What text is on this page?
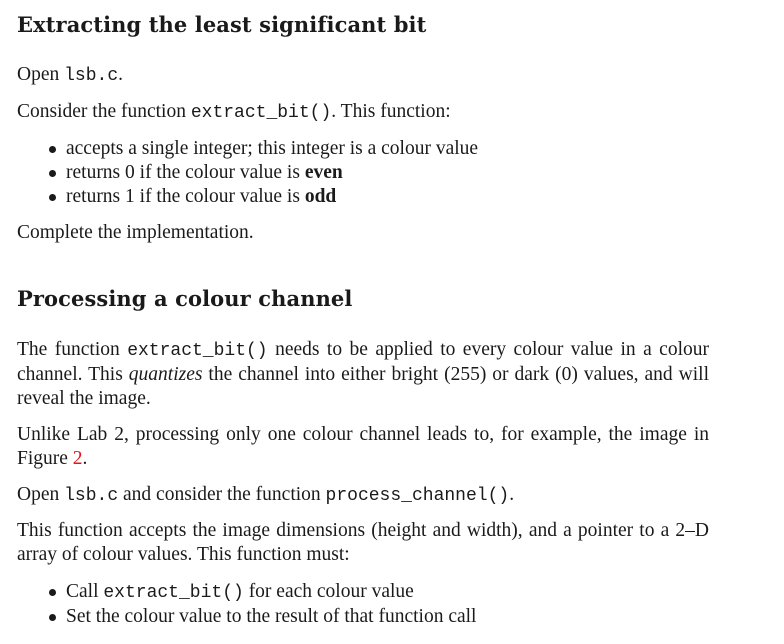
Extracting the least significant bit

Open lsb.c.

Consider the function extract_bit(). This function:

accepts a single integer; this integer is a colour value
returns 0 if the colour value is even
returns 1 if the colour value is odd

Complete the implementation.

Processing a colour channel

The function extract_bit() needs to be applied to every colour value in a colour channel. This quantizes the channel into either bright (255) or dark (0) values, and will reveal the image.

Unlike Lab 2, processing only one colour channel leads to, for example, the image in Figure 2.

Open lsb.c and consider the function process_channel().

This function accepts the image dimensions (height and width), and a pointer to a 2–D array of colour values. This function must:

Call extract_bit() for each colour value
Set the colour value to the result of that function call
